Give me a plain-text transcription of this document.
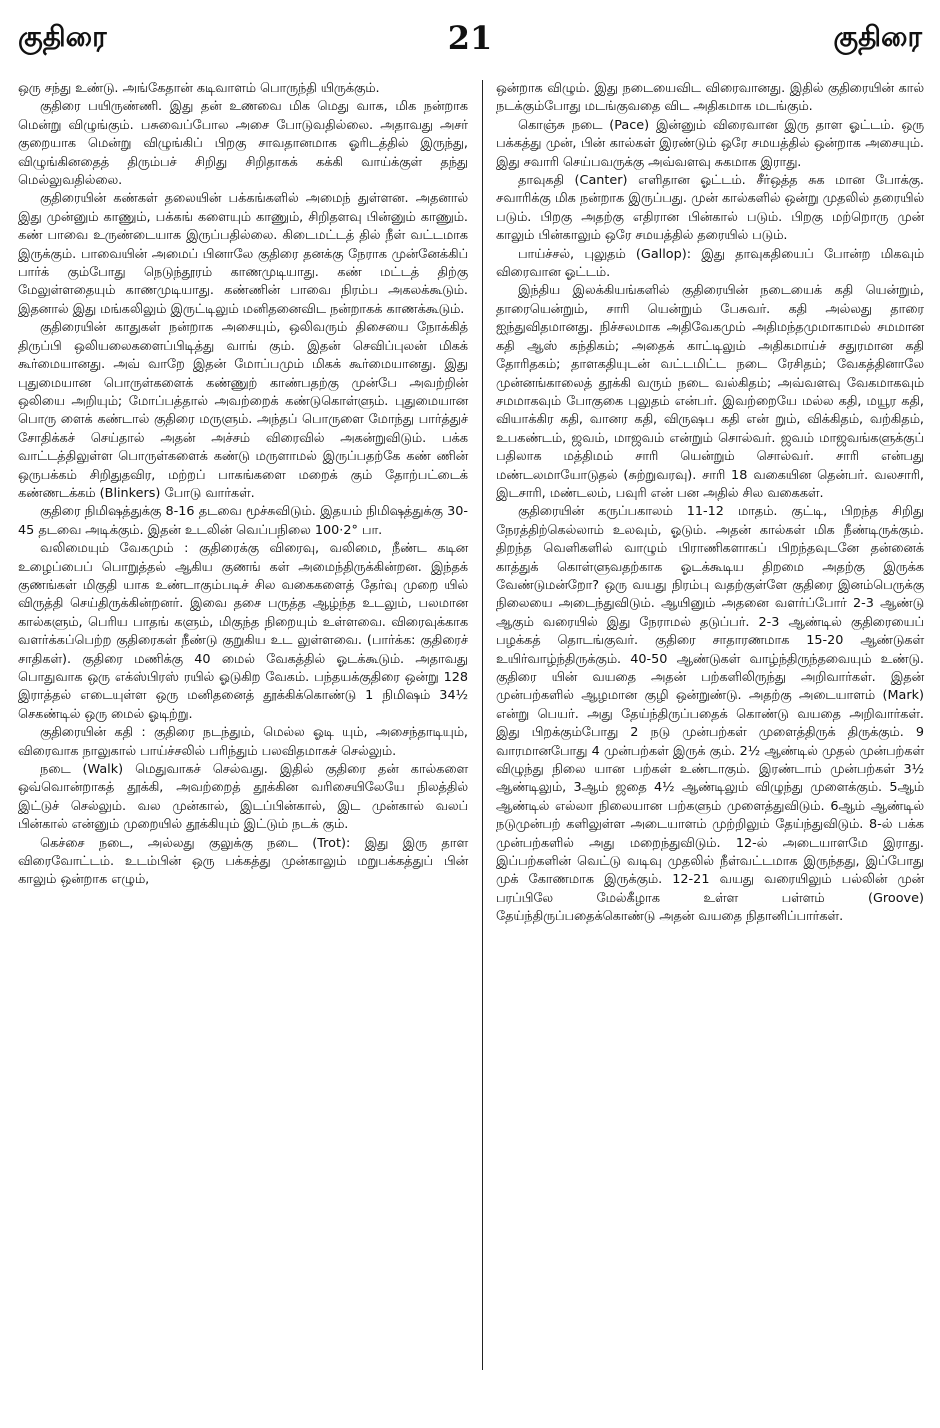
குதிரை	21	குதிரை

ஒரு சந்து உண்டு. அங்கேதான் கடிவாளம் பொருந்தி யிருக்கும்.

குதிரை பயிருண்ணி. இது தன் உணவை மிக மெது வாக, மிக நன்றாக மென்று விழுங்கும். பசுவைப்போல அசை போடுவதில்லை. அதாவது அசர் குறையாக மென்று விழுங்கிப் பிறகு சாவதானமாக ஓரிடத்தில் இருந்து, விழுங்கினதைத் திரும்பச் சிறிது சிறிதாகக் கக்கி வாய்க்குள் தந்து மெல்லுவதில்லை.

குதிரையின் கண்கள் தலையின் பக்கங்களில் அமைந் துள்ளன. அதனால் இது முன்னும் காணும், பக்கங் களையும் காணும், சிறிதளவு பின்னும் காணும். கண் பாவை உருண்டையாக இருப்பதில்லை. கிடைமட்டத் தில் நீள் வட்டமாக இருக்கும். பாவையின் அமைப் பினாலே குதிரை தனக்கு நேராக முன்னேக்கிப் பார்க் கும்போது நெடுந்தூரம் காணமுடியாது. கண் மட்டத் திற்கு மேலுள்ளதையும் காணமுடியாது. கண்ணின் பாவை நிரம்ப அகலக்கூடும். இதனால் இது மங்கலிலும் இருட்டிலும் மனிதனைவிட நன்றாகக் காணக்கூடும்.

குதிரையின் காதுகள் நன்றாக அசையும், ஒலிவரும் திசையை நோக்கித் திருப்பி ஒலியலைகளைப்பிடித்து வாங் கும். இதன் செவிப்புலன் மிகக் கூர்மையானது. அவ் வாறே இதன் மோப்பமும் மிகக் கூர்மையானது. இது புதுமையான பொருள்களைக் கண்ணுற் காண்பதற்கு முன்பே அவற்றின் ஒலியை அறியும்; மோப்பத்தால் அவற்றைக் கண்டுகொள்ளும். புதுமையான பொரு ளைக் கண்டால் குதிரை மருளும். அந்தப் பொருளை மோந்து பார்த்துச் சோதிக்கச் செய்தால் அதன் அச்சம் விரைவில் அகன்றுவிடும். பக்க வாட்டத்திலுள்ள பொருள்களைக் கண்டு மருளாமல் இருப்பதற்கே கண் ணின் ஒருபக்கம் சிறிதுதவிர, மற்றப் பாகங்களை மறைக் கும் தோற்பட்டைக் கண்ணடக்கம் (Blinkers) போடு வார்கள்.

குதிரை நிமிஷத்துக்கு 8-16 தடவை மூச்சுவிடும். இதயம் நிமிஷத்துக்கு 30-45 தடவை அடிக்கும். இதன் உடலின் வெப்பநிலை 100·2° பா.

வலிமையும் வேகமும் : குதிரைக்கு விரைவு, வலிமை, நீண்ட கடின உழைப்பைப் பொறுத்தல் ஆகிய குணங் கள் அமைந்திருக்கின்றன. இந்தக் குணங்கள் மிகுதி யாக உண்டாகும்படிச் சில வகைகளைத் தேர்வு முறை யில் விருத்தி செய்திருக்கின்றனர். இவை தசை பருத்த ஆழ்ந்த உடலும், பலமான கால்களும், பெரிய பாதங் களும், மிகுந்த நிறையும் உள்ளவை. விரைவுக்காக வளர்க்கப்பெற்ற குதிரைகள் நீண்டு குறுகிய உட லுள்ளவை. (பார்க்க: குதிரைச் சாதிகள்). குதிரை மணிக்கு 40 மைல் வேகத்தில் ஓடக்கூடும். அதாவது பொதுவாக ஒரு எக்ஸ்பிரஸ் ரயில் ஓடுகிற வேகம். பந்தயக்குதிரை ஒன்று 128 இராத்தல் எடையுள்ள ஒரு மனிதனைத் தூக்கிக்கொண்டு 1 நிமிஷம் 34½ செகண்டில் ஒரு மைல் ஓடிற்று.

குதிரையின் கதி : குதிரை நடந்தும், மெல்ல ஓடி யும், அசைந்தாடியும், விரைவாக நாலுகால் பாய்ச்சலில் பரிந்தும் பலவிதமாகச் செல்லும்.

நடை (Walk) மெதுவாகச் செல்வது. இதில் குதிரை தன் கால்களை ஒவ்வொன்றாகத் தூக்கி, அவற்றைத் தூக்கின வரிசையிலேயே நிலத்தில் இட்டுச் செல்லும். வல முன்கால், இடப்பின்கால், இட முன்கால் வலப் பின்கால் என்னும் முறையில் தூக்கியும் இட்டும் நடக் கும்.

கெச்சை நடை, அல்லது குலுக்கு நடை (Trot): இது இரு தாள விரைவோட்டம். உடம்பின் ஒரு பக்கத்து முன்காலும் மறுபக்கத்துப் பின் காலும் ஒன்றாக எழும்,

ஒன்றாக விழும். இது நடையைவிட விரைவானது. இதில் குதிரையின் கால் நடக்கும்போது மடங்குவதை விட அதிகமாக மடங்கும்.

கொஞ்சு நடை (Pace) இன்னும் விரைவான இரு தாள ஓட்டம். ஒரு பக்கத்து முன், பின் கால்கள் இரண்டும் ஒரே சமயத்தில் ஒன்றாக அசையும். இது சவாரி செய்பவருக்கு அவ்வளவு சுகமாக இராது.

தாவுகதி (Canter) எளிதான ஓட்டம். சீர்ஒத்த சுக மான போக்கு. சவாரிக்கு மிக நன்றாக இருப்பது. முன் கால்களில் ஒன்று முதலில் தரையில் படும். பிறகு அதற்கு எதிரான பின்கால் படும். பிறகு மற்றொரு முன் காலும் பின்காலும் ஒரே சமயத்தில் தரையில் படும்.

பாய்ச்சல், புலுதம் (Gallop): இது தாவுகதியைப் போன்ற மிகவும் விரைவான ஓட்டம்.

இந்திய இலக்கியங்களில் குதிரையின் நடையைக் கதி யென்றும், தாரையென்றும், சாரி யென்றும் பேசுவர். கதி அல்லது தாரை ஐந்துவிதமானது. நிச்சலமாக அதிவேகமும் அதிமந்தமுமாகாமல் சமமான கதி ஆஸ் கந்திகம்; அதைக் காட்டிலும் அதிகமாய்ச் சதுரமான கதி தோரிதகம்; தாளகதியுடன் வட்டமிட்ட நடை ரேசிதம்; வேகத்தினாலே முன்னங்காலைத் தூக்கி வரும் நடை வல்கிதம்; அவ்வளவு வேகமாகவும் சமமாகவும் போகுகை புலுதம் என்பர். இவற்றையே மல்ல கதி, மயூர கதி, வியாக்கிர கதி, வானர கதி, விருஷப கதி என் றும், விக்கிதம், வற்கிதம், உபகண்டம், ஜவம், மாஜவம் என்றும் சொல்வர். ஜவம் மாஜவங்களுக்குப் பதிலாக மத்திமம் சாரி யென்றும் சொல்வர். சாரி என்பது மண்டலமாயோடுதல் (சுற்றுவரவு). சாரி 18 வகையின தென்பர். வலசாரி, இடசாரி, மண்டலம், பவுரி என் பன அதில் சில வகைகள்.

குதிரையின் கருப்பகாலம் 11-12 மாதம். குட்டி, பிறந்த சிறிது நேரத்திற்கெல்லாம் உலவும், ஓடும். அதன் கால்கள் மிக நீண்டிருக்கும். திறந்த வெளிகளில் வாழும் பிராணிகளாகப் பிறந்தவுடனே தன்னைக் காத்துக் கொள்ளுவதற்காக ஓடக்கூடிய திறமை அதற்கு இருக்க வேண்டுமன்றோ? ஒரு வயது நிரம்பு வதற்குள்ளே குதிரை இனம்பெருக்கு நிலையை அடைந்துவிடும். ஆயினும் அதனை வளர்ப்போர் 2-3 ஆண்டு ஆகும் வரையில் இது நேராமல் தடுப்பர். 2-3 ஆண்டில் குதிரையைப் பழக்கத் தொடங்குவர். குதிரை சாதாரணமாக 15-20 ஆண்டுகள் உயிர்வாழ்ந்திருக்கும். 40-50 ஆண்டுகள் வாழ்ந்திருந்தவையும் உண்டு. குதிரை யின் வயதை அதன் பற்களிலிருந்து அறிவார்கள். இதன் முன்பற்களில் ஆழமான குழி ஒன்றுண்டு. அதற்கு அடையாளம் (Mark) என்று பெயர். அது தேய்ந்திருப்பதைக் கொண்டு வயதை அறிவார்கள். இது பிறக்கும்போது 2 நடு முன்பற்கள் முளைத்திருக் திருக்கும். 9 வாரமானபோது 4 முன்பற்கள் இருக் கும். 2½ ஆண்டில் முதல் முன்பற்கள் விழுந்து நிலை யான பற்கள் உண்டாகும். இரண்டாம் முன்பற்கள் 3½ ஆண்டிலும், 3ஆம் ஜதை 4½ ஆண்டிலும் விழுந்து முளைக்கும். 5ஆம் ஆண்டில் எல்லா நிலையான பற்களும் முளைத்துவிடும். 6ஆம் ஆண்டில் நடுமுன்பற் களிலுள்ள அடையாளம் முற்றிலும் தேய்ந்துவிடும். 8-ல் பக்க முன்பற்களில் அது மறைந்துவிடும். 12-ல் அடையாளமே இராது. இப்பற்களின் வெட்டு வடிவு முதலில் நீள்வட்டமாக இருந்தது, இப்போது முக் கோணமாக இருக்கும். 12-21 வயது வரையிலும் பல்லின் முன் பரப்பிலே மேல்கீழாக உள்ள பள்ளம் (Groove) தேய்ந்திருப்பதைக்கொண்டு அதன் வயதை நிதானிப்பார்கள்.
